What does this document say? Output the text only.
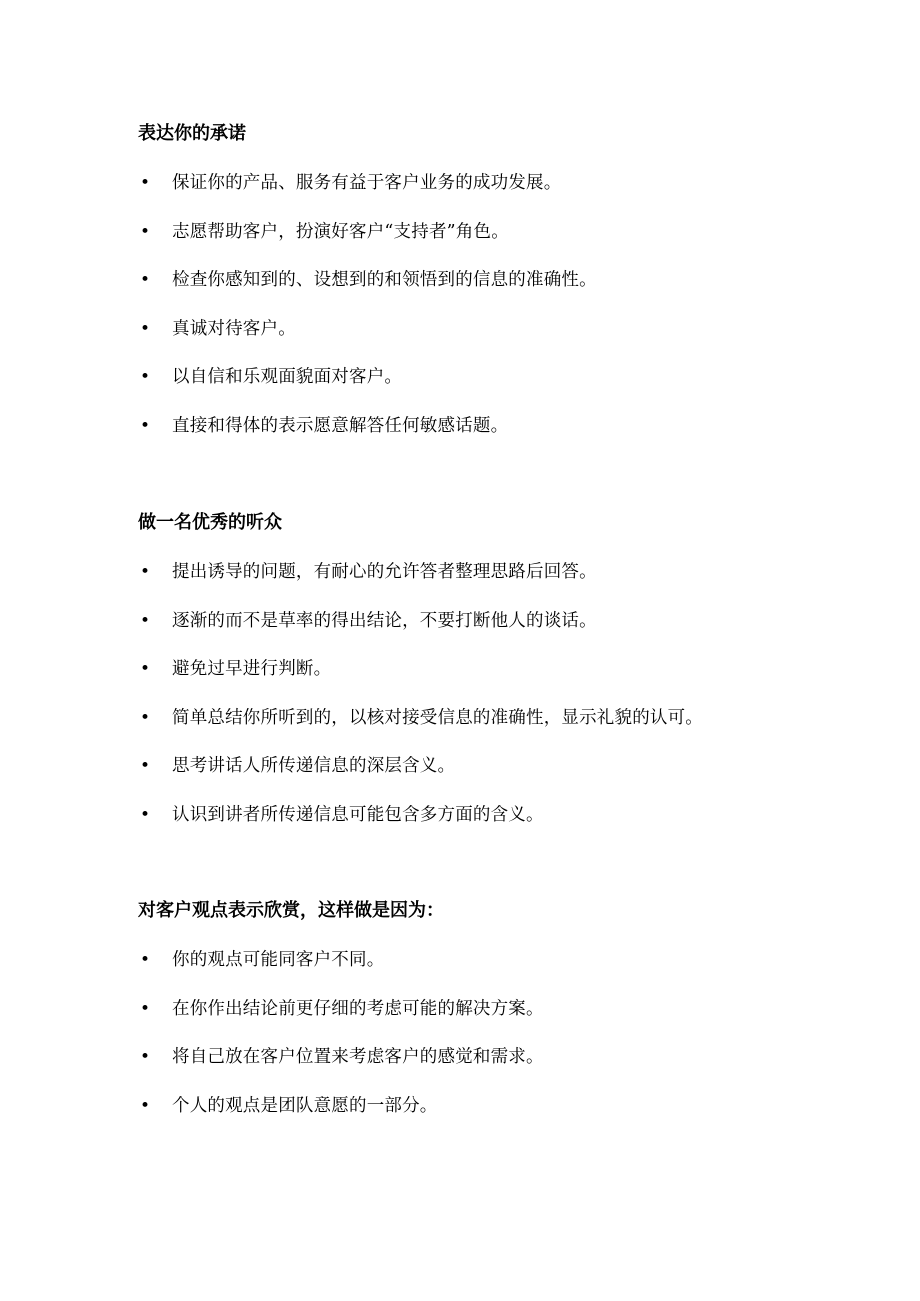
表达你的承诺
•	保证你的产品、服务有益于客户业务的成功发展。
•	志愿帮助客户，扮演好客户“支持者”角色。
•	检查你感知到的、设想到的和领悟到的信息的准确性。
•	真诚对待客户。
•	以自信和乐观面貌面对客户。
•	直接和得体的表示愿意解答任何敏感话题。
做一名优秀的听众
•	提出诱导的问题，有耐心的允许答者整理思路后回答。
•	逐渐的而不是草率的得出结论，不要打断他人的谈话。
•	避免过早进行判断。
•	简单总结你所听到的，以核对接受信息的准确性，显示礼貌的认可。
•	思考讲话人所传递信息的深层含义。
•	认识到讲者所传递信息可能包含多方面的含义。
对客户观点表示欣赏，这样做是因为：
•	你的观点可能同客户不同。
•	在你作出结论前更仔细的考虑可能的解决方案。
•	将自己放在客户位置来考虑客户的感觉和需求。
•	个人的观点是团队意愿的一部分。
